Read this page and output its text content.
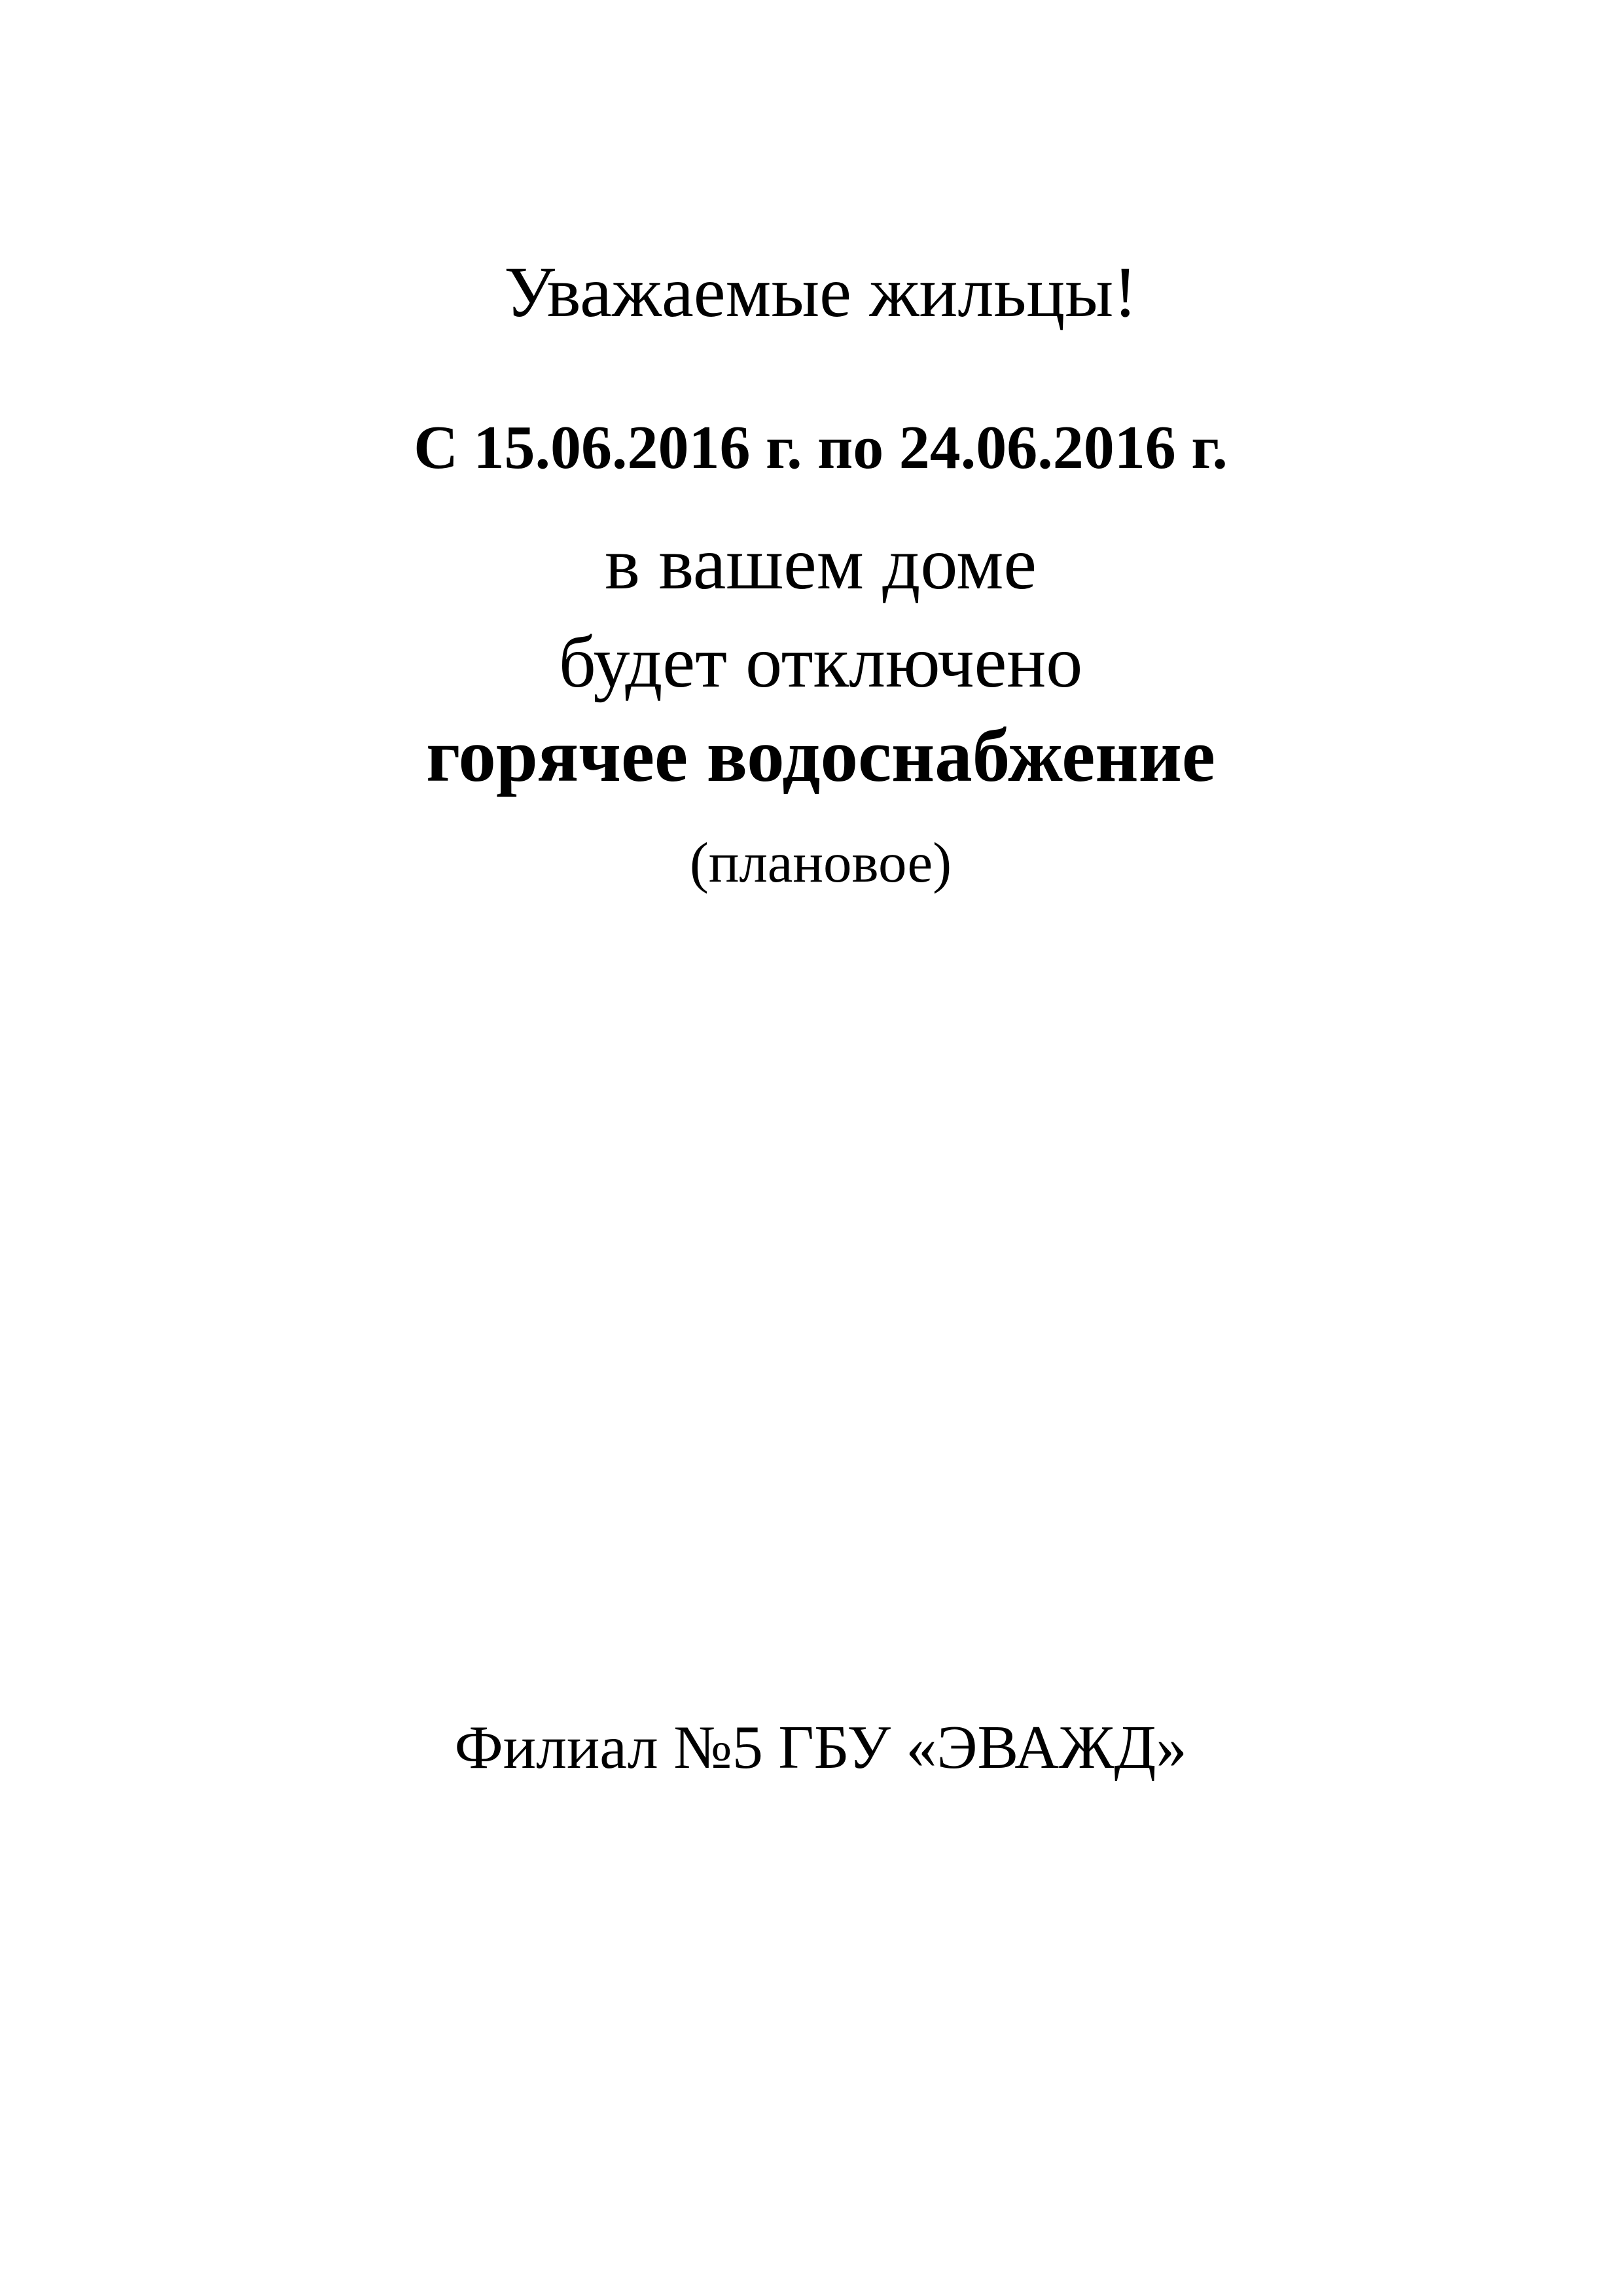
Уважаемые жильцы!
С 15.06.2016 г. по 24.06.2016 г.
в вашем доме
будет отключено
горячее водоснабжение
(плановое)
Филиал №5 ГБУ «ЭВАЖД»
